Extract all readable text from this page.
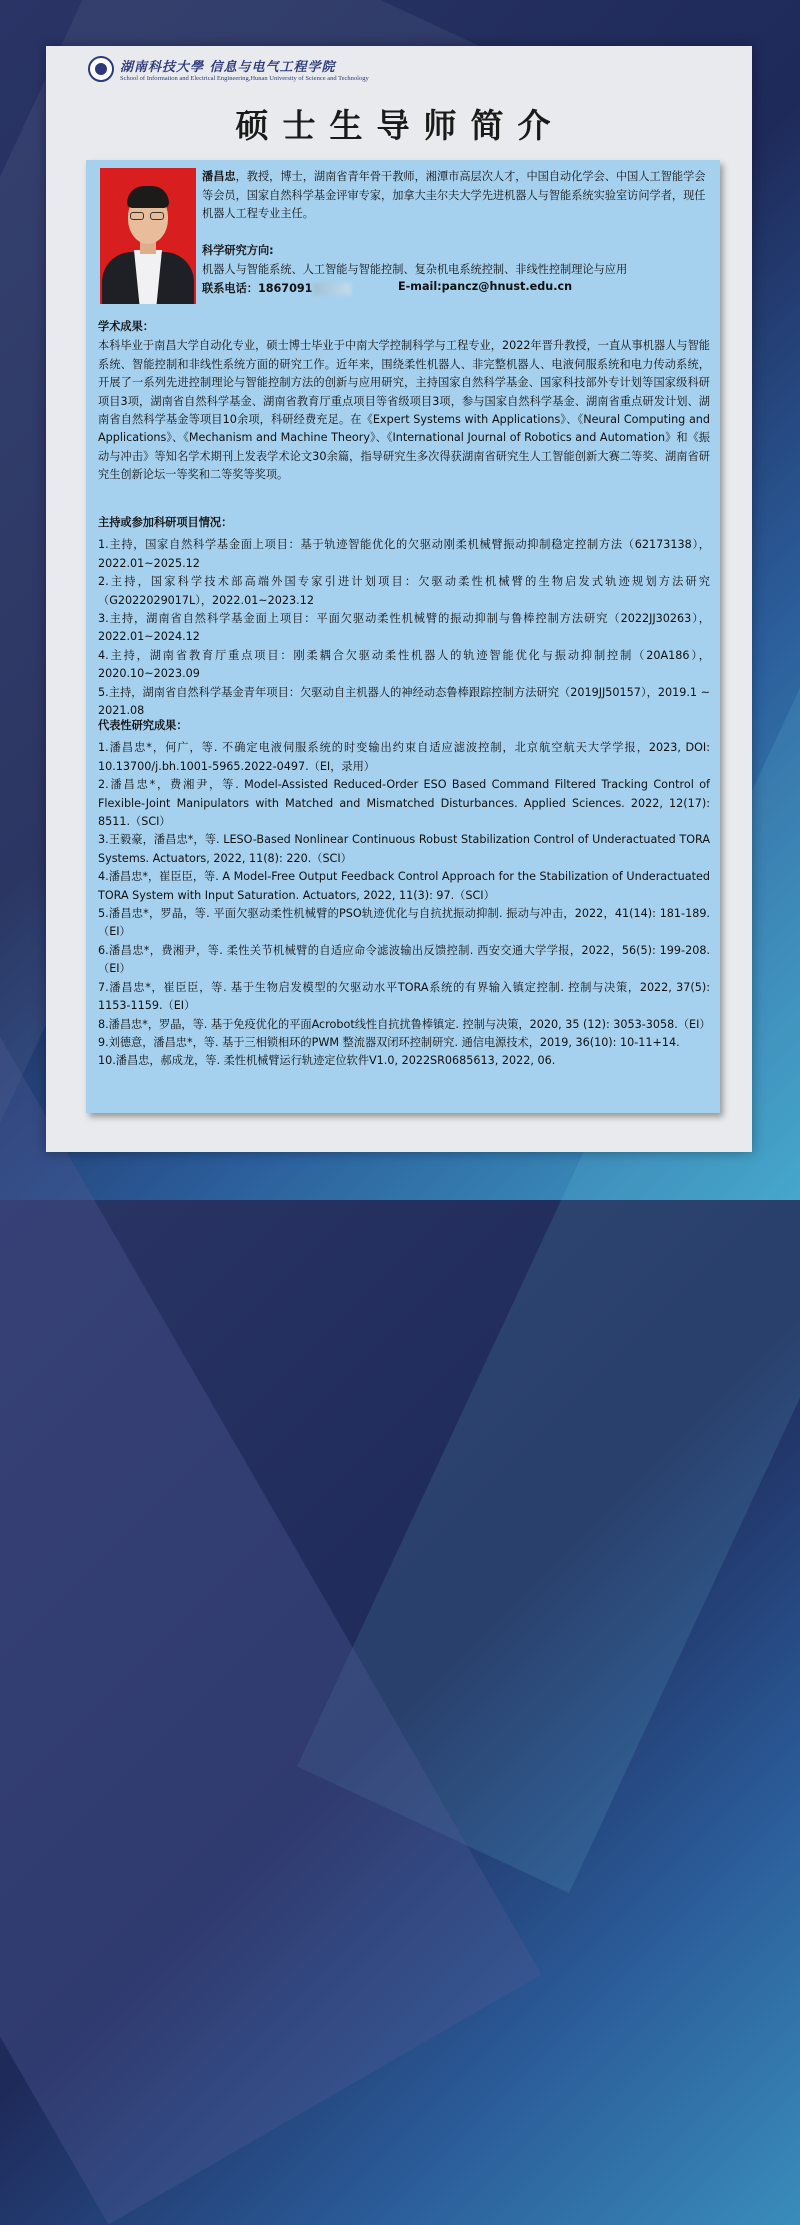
湖南科技大學 信息与电气工程学院
School of Information and Electrical Engineering,Hunan University of Science and Technology
硕士生导师简介
潘昌忠，教授，博士，湖南省青年骨干教师，湘潭市高层次人才，中国自动化学会、中国人工智能学会等会员，国家自然科学基金评审专家，加拿大圭尔夫大学先进机器人与智能系统实验室访问学者，现任机器人工程专业主任。
科学研究方向:
机器人与智能系统、人工智能与智能控制、复杂机电系统控制、非线性控制理论与应用
联系电话：1867091	E-mail:pancz@hnust.edu.cn
学术成果：
本科毕业于南昌大学自动化专业，硕士博士毕业于中南大学控制科学与工程专业，2022年晋升教授，一直从事机器人与智能系统、智能控制和非线性系统方面的研究工作。近年来，围绕柔性机器人、非完整机器人、电液伺服系统和电力传动系统，开展了一系列先进控制理论与智能控制方法的创新与应用研究，主持国家自然科学基金、国家科技部外专计划等国家级科研项目3项，湖南省自然科学基金、湖南省教育厅重点项目等省级项目3项，参与国家自然科学基金、湖南省重点研发计划、湖南省自然科学基金等项目10余项，科研经费充足。在《Expert Systems with Applications》、《Neural Computing and Applications》、《Mechanism and Machine Theory》、《International Journal of Robotics and Automation》和《振动与冲击》等知名学术期刊上发表学术论文30余篇，指导研究生多次得获湖南省研究生人工智能创新大赛二等奖、湖南省研究生创新论坛一等奖和二等奖等奖项。
主持或参加科研项目情况：
1.主持，国家自然科学基金面上项目：基于轨迹智能优化的欠驱动刚柔机械臂振动抑制稳定控制方法（62173138），2022.01~2025.12
2.主持，国家科学技术部高端外国专家引进计划项目：欠驱动柔性机械臂的生物启发式轨迹规划方法研究（G2022029017L），2022.01~2023.12
3.主持，湖南省自然科学基金面上项目：平面欠驱动柔性机械臂的振动抑制与鲁棒控制方法研究（2022JJ30263），2022.01~2024.12
4.主持，湖南省教育厅重点项目：刚柔耦合欠驱动柔性机器人的轨迹智能优化与振动抑制控制（20A186），2020.10~2023.09
5.主持，湖南省自然科学基金青年项目：欠驱动自主机器人的神经动态鲁棒跟踪控制方法研究（2019JJ50157），2019.1 ~ 2021.08
代表性研究成果：
1.潘昌忠*，何广，等. 不确定电液伺服系统的时变输出约束自适应滤波控制，北京航空航天大学学报，2023, DOI: 10.13700/j.bh.1001-5965.2022-0497.（EI，录用）
2.潘昌忠*，费湘尹，等. Model-Assisted Reduced-Order ESO Based Command Filtered Tracking Control of Flexible-Joint Manipulators with Matched and Mismatched Disturbances. Applied Sciences. 2022, 12(17): 8511.（SCI）
3.王毅豪，潘昌忠*，等. LESO-Based Nonlinear Continuous Robust Stabilization Control of Underactuated TORA Systems. Actuators, 2022, 11(8): 220.（SCI）
4.潘昌忠*，崔臣臣，等. A Model-Free Output Feedback Control Approach for the Stabilization of Underactuated TORA System with Input Saturation. Actuators, 2022, 11(3): 97.（SCI）
5.潘昌忠*，罗晶，等. 平面欠驱动柔性机械臂的PSO轨迹优化与自抗扰振动抑制. 振动与冲击，2022，41(14): 181-189.（EI）
6.潘昌忠*，费湘尹，等. 柔性关节机械臂的自适应命令滤波输出反馈控制. 西安交通大学学报，2022，56(5): 199-208.（EI）
7.潘昌忠*，崔臣臣，等. 基于生物启发模型的欠驱动水平TORA系统的有界输入镇定控制. 控制与决策，2022, 37(5): 1153-1159.（EI）
8.潘昌忠*，罗晶，等. 基于免疫优化的平面Acrobot线性自抗扰鲁棒镇定. 控制与决策，2020, 35 (12): 3053-3058.（EI）
9.刘德意，潘昌忠*，等. 基于三相锁相环的PWM 整流器双闭环控制研究. 通信电源技术，2019, 36(10): 10-11+14.
10.潘昌忠，郝成龙，等. 柔性机械臂运行轨迹定位软件V1.0, 2022SR0685613, 2022, 06.
